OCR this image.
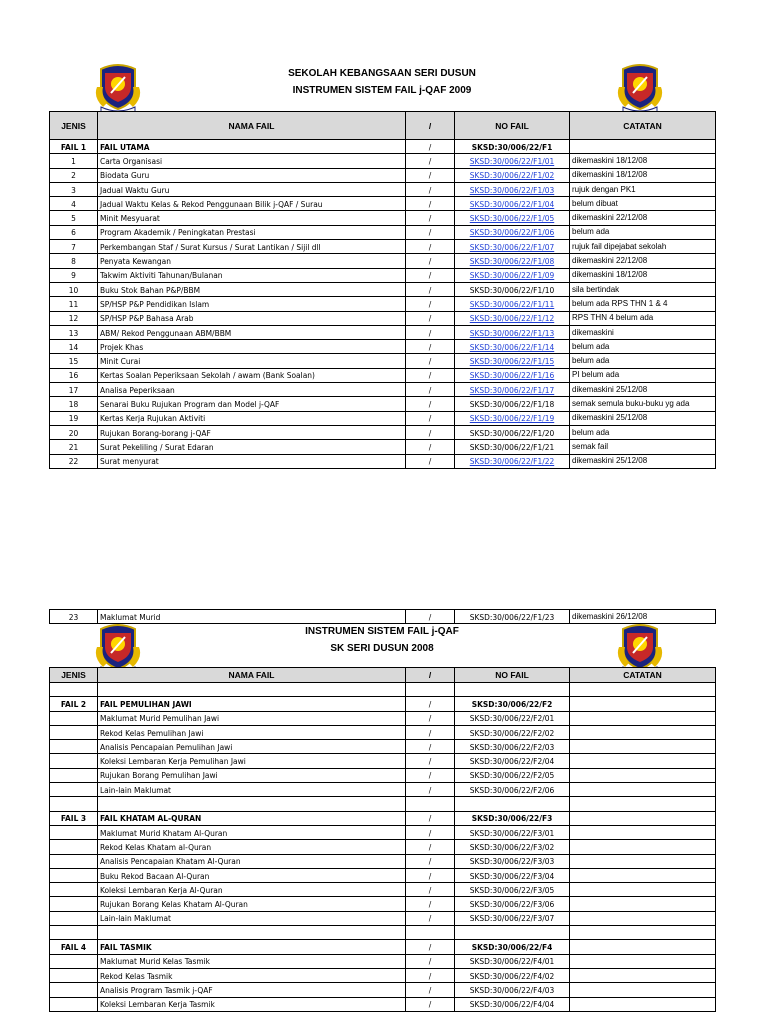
SEKOLAH KEBANGSAAN SERI DUSUN
INSTRUMEN SISTEM FAIL j-QAF 2009
JENIS	NAMA FAIL	/	NO FAIL	CATATAN
FAIL 1	FAIL UTAMA	/	SKSD:30/006/22/F1	
1	Carta Organisasi	/	SKSD:30/006/22/F1/01	dikemaskini 18/12/08
2	Biodata Guru	/	SKSD:30/006/22/F1/02	dikemaskini 18/12/08
3	Jadual Waktu Guru	/	SKSD:30/006/22/F1/03	rujuk dengan PK1
4	Jadual Waktu Kelas & Rekod Penggunaan Bilik j-QAF / Surau	/	SKSD:30/006/22/F1/04	belum dibuat
5	Minit Mesyuarat	/	SKSD:30/006/22/F1/05	dikemaskini 22/12/08
6	Program Akademik / Peningkatan Prestasi	/	SKSD:30/006/22/F1/06	belum ada
7	Perkembangan Staf / Surat Kursus / Surat Lantikan / Sijil dll	/	SKSD:30/006/22/F1/07	rujuk fail dipejabat sekolah
8	Penyata Kewangan	/	SKSD:30/006/22/F1/08	dikemaskini 22/12/08
9	Takwim Aktiviti Tahunan/Bulanan	/	SKSD:30/006/22/F1/09	dikemaskini 18/12/08
10	Buku Stok Bahan P&P/BBM	/	SKSD:30/006/22/F1/10	sila bertindak
11	SP/HSP P&P Pendidikan Islam	/	SKSD:30/006/22/F1/11	belum ada RPS THN 1 & 4
12	SP/HSP P&P Bahasa Arab	/	SKSD:30/006/22/F1/12	RPS THN 4 belum ada
13	ABM/ Rekod Penggunaan ABM/BBM	/	SKSD:30/006/22/F1/13	dikemaskini
14	Projek Khas	/	SKSD:30/006/22/F1/14	belum ada
15	Minit Curai	/	SKSD:30/006/22/F1/15	belum ada
16	Kertas Soalan Peperiksaan Sekolah / awam (Bank Soalan)	/	SKSD:30/006/22/F1/16	PI belum ada
17	Analisa Peperiksaan	/	SKSD:30/006/22/F1/17	dikemaskini 25/12/08
18	Senarai Buku Rujukan Program dan Model j-QAF	/	SKSD:30/006/22/F1/18	semak semula buku-buku yg ada
19	Kertas Kerja Rujukan Aktiviti	/	SKSD:30/006/22/F1/19	dikemaskini 25/12/08
20	Rujukan Borang-borang j-QAF	/	SKSD:30/006/22/F1/20	belum ada
21	Surat Pekeliling / Surat Edaran	/	SKSD:30/006/22/F1/21	semak fail
22	Surat menyurat	/	SKSD:30/006/22/F1/22	dikemaskini 25/12/08
23	Maklumat Murid	/	SKSD:30/006/22/F1/23	dikemaskini 26/12/08
INSTRUMEN SISTEM FAIL j-QAF
SK SERI DUSUN 2008
JENIS	NAMA FAIL	/	NO FAIL	CATATAN

FAIL 2	FAIL PEMULIHAN JAWI	/	SKSD:30/006/22/F2	
	Maklumat Murid Pemulihan Jawi	/	SKSD:30/006/22/F2/01	
	Rekod Kelas Pemulihan Jawi	/	SKSD:30/006/22/F2/02	
	Analisis Pencapaian Pemulihan Jawi	/	SKSD:30/006/22/F2/03	
	Koleksi Lembaran Kerja Pemulihan Jawi	/	SKSD:30/006/22/F2/04	
	Rujukan Borang Pemulihan Jawi	/	SKSD:30/006/22/F2/05	
	Lain-lain Maklumat	/	SKSD:30/006/22/F2/06	

FAIL 3	FAIL KHATAM AL-QURAN	/	SKSD:30/006/22/F3	
	Maklumat Murid Khatam Al-Quran	/	SKSD:30/006/22/F3/01	
	Rekod Kelas Khatam al-Quran	/	SKSD:30/006/22/F3/02	
	Analisis Pencapaian Khatam Al-Quran	/	SKSD:30/006/22/F3/03	
	Buku Rekod Bacaan Al-Quran	/	SKSD:30/006/22/F3/04	
	Koleksi Lembaran Kerja Al-Quran	/	SKSD:30/006/22/F3/05	
	Rujukan Borang Kelas Khatam Al-Quran	/	SKSD:30/006/22/F3/06	
	Lain-lain Maklumat	/	SKSD:30/006/22/F3/07	

FAIL 4	FAIL TASMIK	/	SKSD:30/006/22/F4	
	Maklumat Murid Kelas Tasmik	/	SKSD:30/006/22/F4/01	
	Rekod Kelas Tasmik	/	SKSD:30/006/22/F4/02	
	Analisis Program Tasmik j-QAF	/	SKSD:30/006/22/F4/03	
	Koleksi Lembaran Kerja Tasmik	/	SKSD:30/006/22/F4/04	
